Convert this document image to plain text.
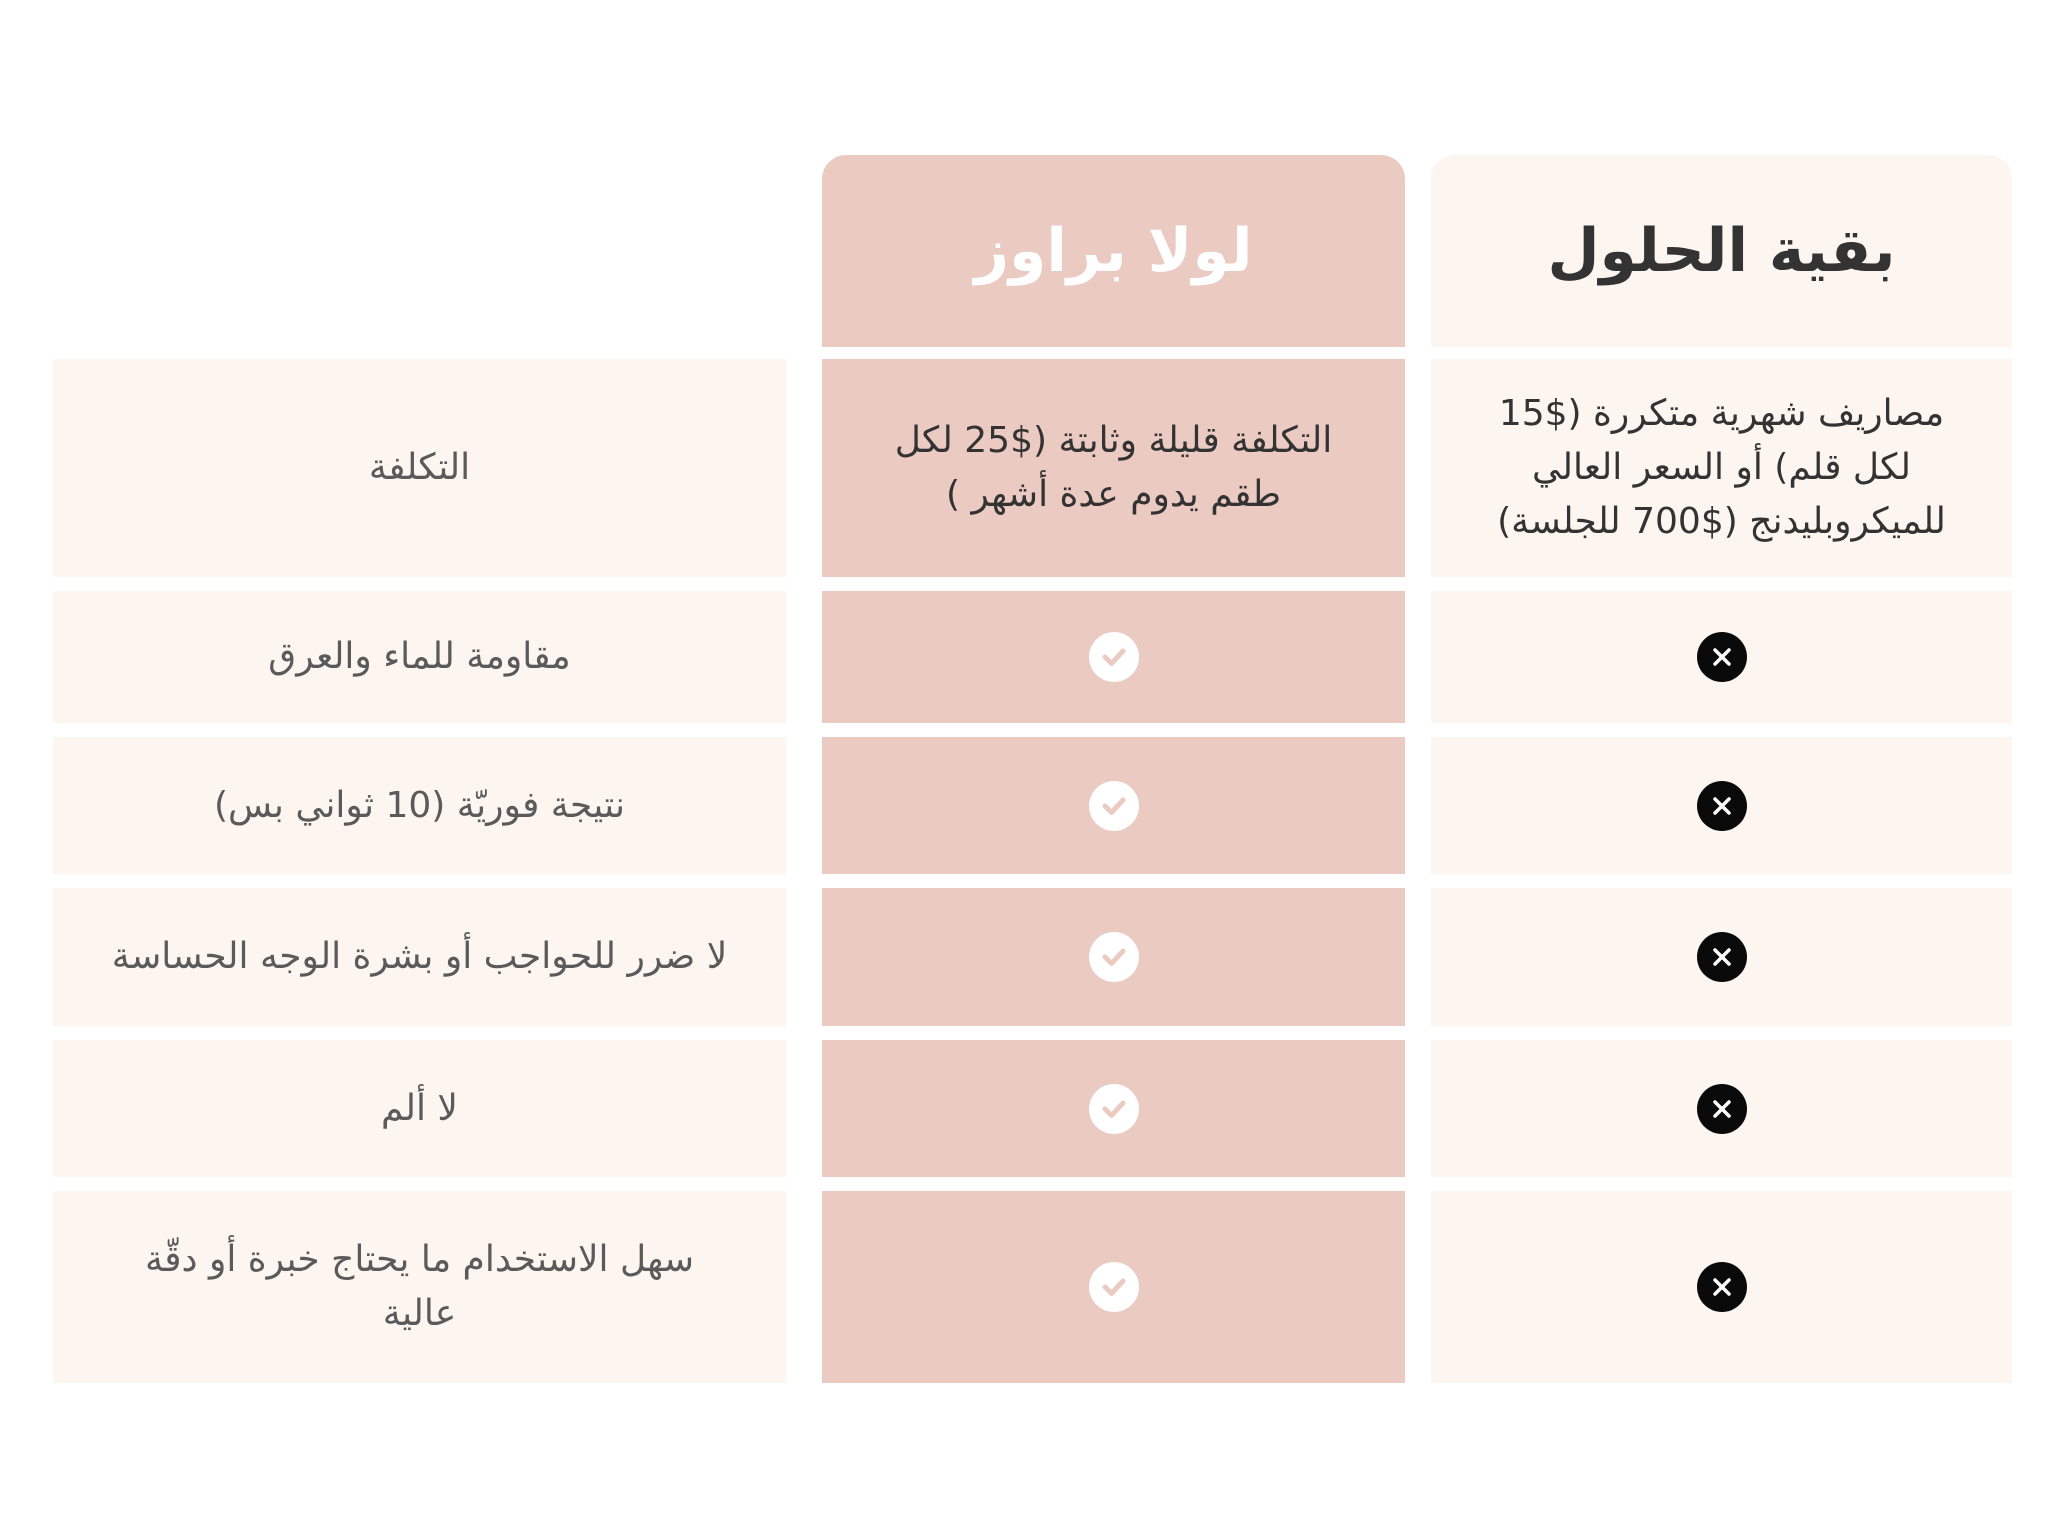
بقية الحلول
لولا براوز
مصاريف شهرية متكررة ($15 لكل قلم) أو السعر العالي للميكروبليدنج ($700 للجلسة)
التكلفة قليلة وثابتة ($25 لكل طقم يدوم عدة أشهر )
التكلفة
مقاومة للماء والعرق
نتيجة فوريّة (10 ثواني بس)
لا ضرر للحواجب أو بشرة الوجه الحساسة
لا ألم
سهل الاستخدام ما يحتاج خبرة أو دقّة عالية
